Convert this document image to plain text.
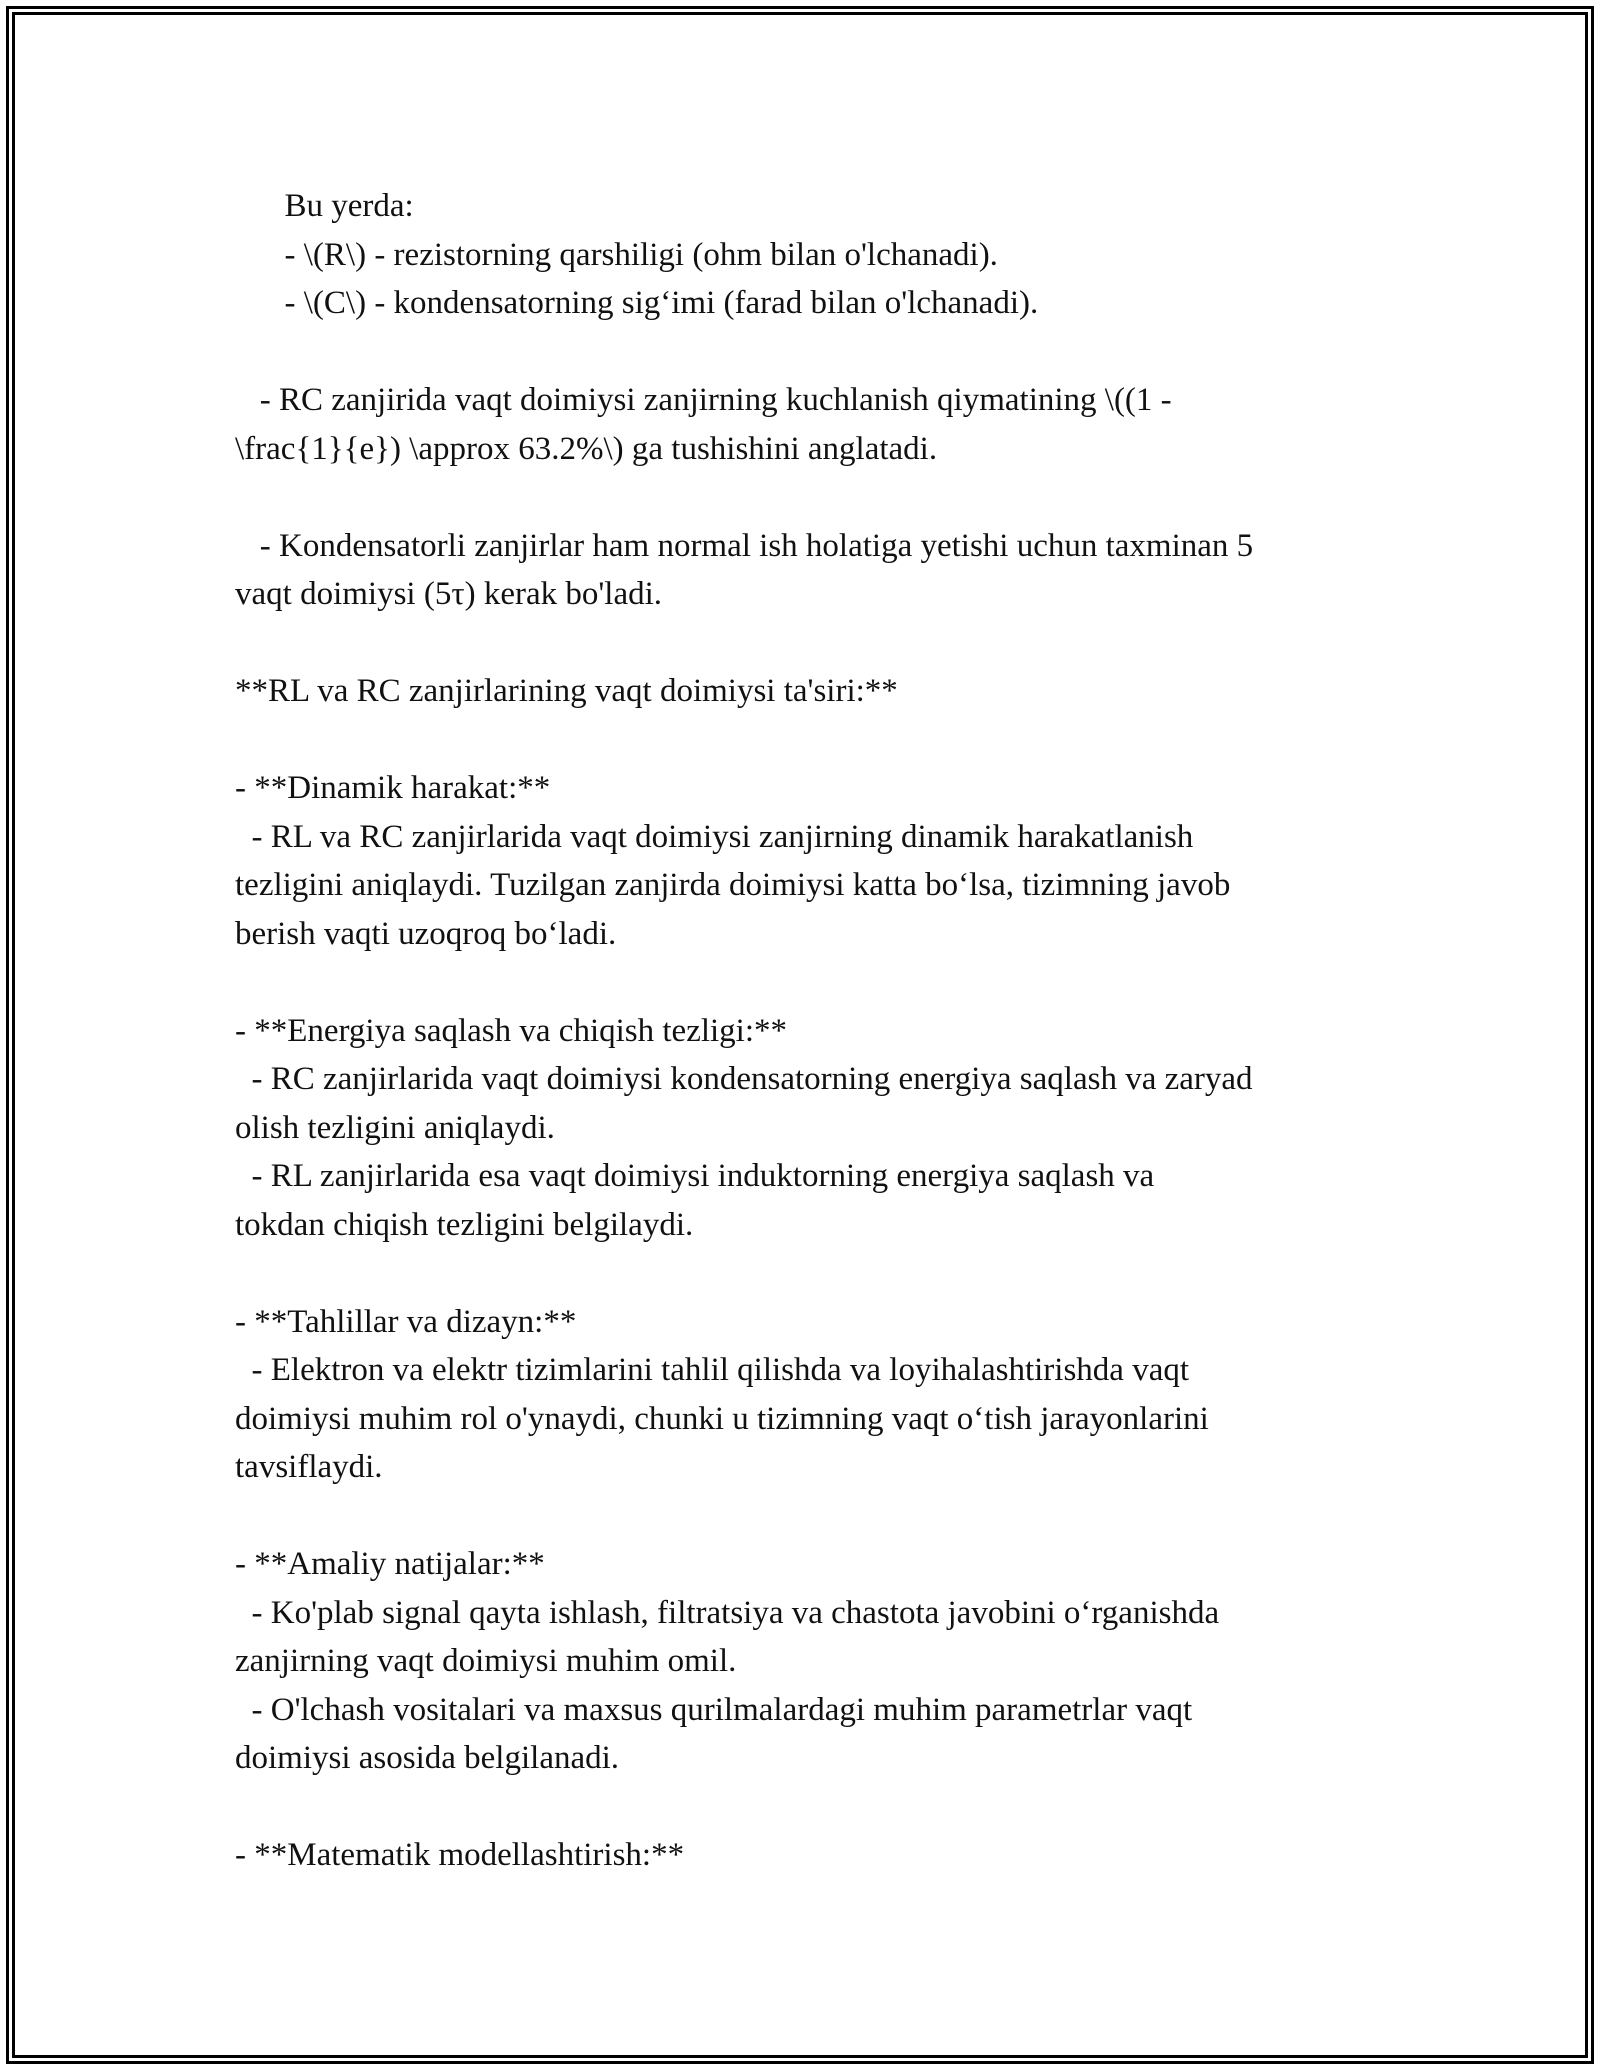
Bu yerda:
- \(R\) - rezistorning qarshiligi (ohm bilan o'lchanadi).
- \(C\) - kondensatorning sig‘imi (farad bilan o'lchanadi).
- RC zanjirida vaqt doimiysi zanjirning kuchlanish qiymatining \((1 -
\frac{1}{e}) \approx 63.2%\) ga tushishini anglatadi.
- Kondensatorli zanjirlar ham normal ish holatiga yetishi uchun taxminan 5
vaqt doimiysi (5τ) kerak bo'ladi.
**RL va RC zanjirlarining vaqt doimiysi ta'siri:**
- **Dinamik harakat:**
- RL va RC zanjirlarida vaqt doimiysi zanjirning dinamik harakatlanish
tezligini aniqlaydi. Tuzilgan zanjirda doimiysi katta bo‘lsa, tizimning javob
berish vaqti uzoqroq bo‘ladi.
- **Energiya saqlash va chiqish tezligi:**
- RC zanjirlarida vaqt doimiysi kondensatorning energiya saqlash va zaryad
olish tezligini aniqlaydi.
- RL zanjirlarida esa vaqt doimiysi induktorning energiya saqlash va
tokdan chiqish tezligini belgilaydi.
- **Tahlillar va dizayn:**
- Elektron va elektr tizimlarini tahlil qilishda va loyihalashtirishda vaqt
doimiysi muhim rol o'ynaydi, chunki u tizimning vaqt o‘tish jarayonlarini
tavsiflaydi.
- **Amaliy natijalar:**
- Ko'plab signal qayta ishlash, filtratsiya va chastota javobini o‘rganishda
zanjirning vaqt doimiysi muhim omil.
- O'lchash vositalari va maxsus qurilmalardagi muhim parametrlar vaqt
doimiysi asosida belgilanadi.
- **Matematik modellashtirish:**
